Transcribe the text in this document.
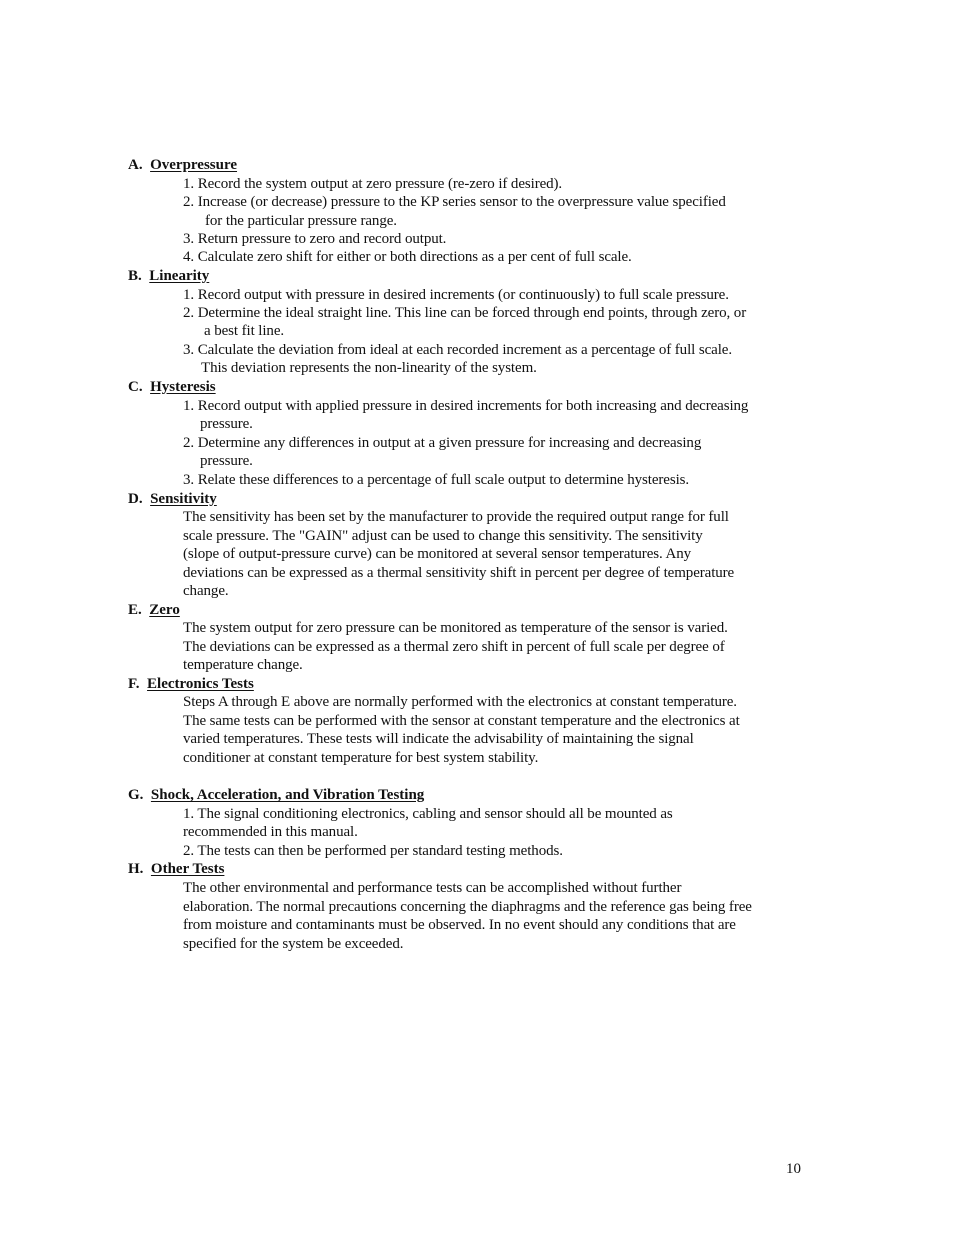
A. Overpressure
1. Record the system output at zero pressure (re-zero if desired).
2. Increase (or decrease) pressure to the KP series sensor to the overpressure value specified
for the particular pressure range.
3. Return pressure to zero and record output.
4. Calculate zero shift for either or both directions as a per cent of full scale.
B. Linearity
1. Record output with pressure in desired increments (or continuously) to full scale pressure.
2. Determine the ideal straight line. This line can be forced through end points, through zero, or
a best fit line.
3. Calculate the deviation from ideal at each recorded increment as a percentage of full scale.
This deviation represents the non-linearity of the system.
C. Hysteresis
1. Record output with applied pressure in desired increments for both increasing and decreasing
pressure.
2. Determine any differences in output at a given pressure for increasing and decreasing
pressure.
3. Relate these differences to a percentage of full scale output to determine hysteresis.
D. Sensitivity
The sensitivity has been set by the manufacturer to provide the required output range for full
scale pressure. The "GAIN" adjust can be used to change this sensitivity. The sensitivity
(slope of output-pressure curve) can be monitored at several sensor temperatures. Any
deviations can be expressed as a thermal sensitivity shift in percent per degree of temperature
change.
E. Zero
The system output for zero pressure can be monitored as temperature of the sensor is varied.
The deviations can be expressed as a thermal zero shift in percent of full scale per degree of
temperature change.
F. Electronics Tests
Steps A through E above are normally performed with the electronics at constant temperature.
The same tests can be performed with the sensor at constant temperature and the electronics at
varied temperatures. These tests will indicate the advisability of maintaining the signal
conditioner at constant temperature for best system stability.
G. Shock, Acceleration, and Vibration Testing
1. The signal conditioning electronics, cabling and sensor should all be mounted as
recommended in this manual.
2. The tests can then be performed per standard testing methods.
H. Other Tests
The other environmental and performance tests can be accomplished without further
elaboration. The normal precautions concerning the diaphragms and the reference gas being free
from moisture and contaminants must be observed. In no event should any conditions that are
specified for the system be exceeded.
10
